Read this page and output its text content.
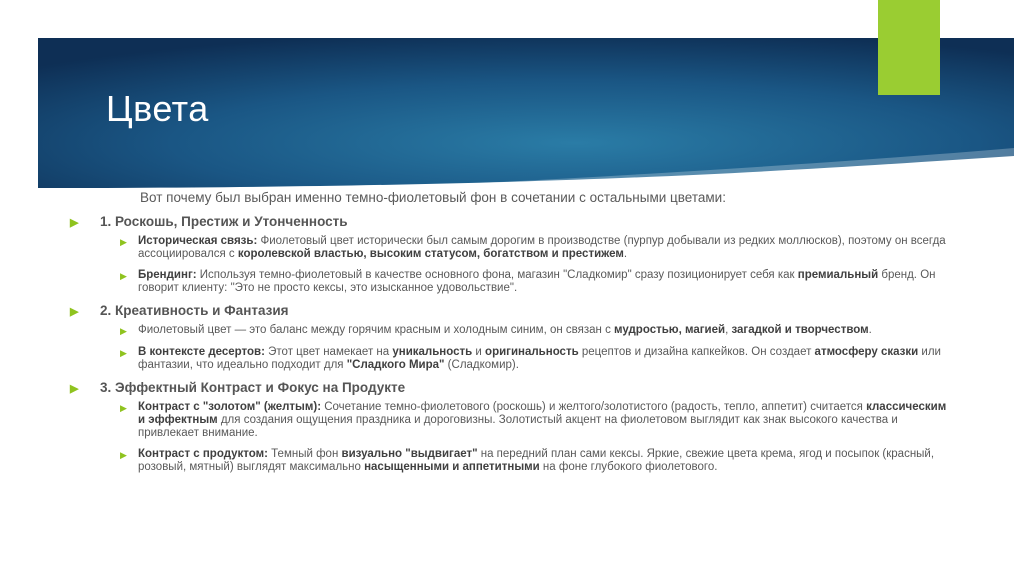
Цвета
Вот почему был выбран именно темно-фиолетовый фон в сочетании с остальными цветами:
▶	1. Роскошь, Престиж и Утонченность
▶ Историческая связь: Фиолетовый цвет исторически был самым дорогим в производстве (пурпур добывали из редких моллюсков), поэтому он всегда ассоциировался с королевской властью, высоким статусом, богатством и престижем.
▶ Брендинг: Используя темно-фиолетовый в качестве основного фона, магазин "Сладкомир" сразу позиционирует себя как премиальный бренд. Он говорит клиенту: "Это не просто кексы, это изысканное удовольствие".
▶	2. Креативность и Фантазия
▶ Фиолетовый цвет — это баланс между горячим красным и холодным синим, он связан с мудростью, магией, загадкой и творчеством.
▶ В контексте десертов: Этот цвет намекает на уникальность и оригинальность рецептов и дизайна капкейков. Он создает атмосферу сказки или фантазии, что идеально подходит для "Сладкого Мира" (Сладкомир).
▶	3. Эффектный Контраст и Фокус на Продукте
▶ Контраст с "золотом" (желтым): Сочетание темно-фиолетового (роскошь) и желтого/золотистого (радость, тепло, аппетит) считается классическим и эффектным для создания ощущения праздника и дороговизны. Золотистый акцент на фиолетовом выглядит как знак высокого качества и привлекает внимание.
▶ Контраст с продуктом: Темный фон визуально "выдвигает" на передний план сами кексы. Яркие, свежие цвета крема, ягод и посыпок (красный, розовый, мятный) выглядят максимально насыщенными и аппетитными на фоне глубокого фиолетового.
